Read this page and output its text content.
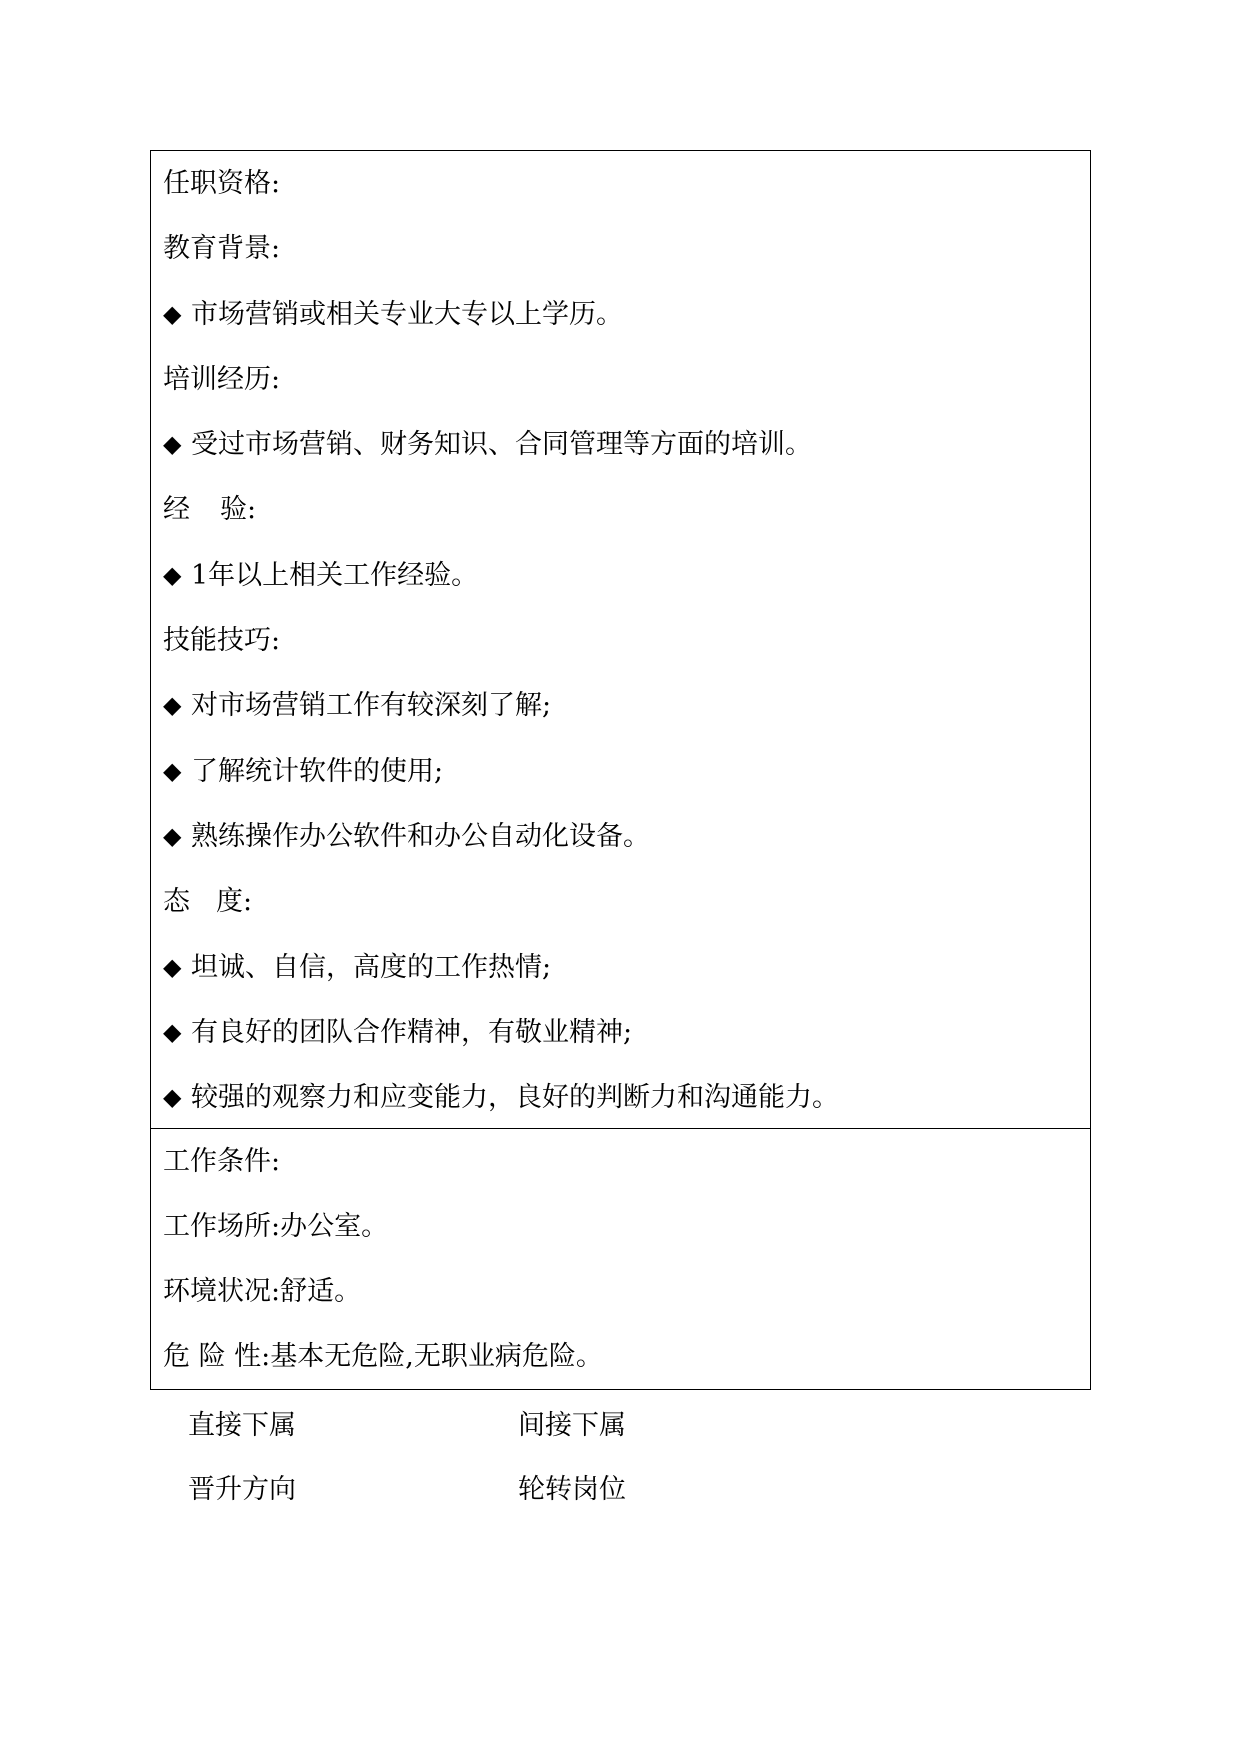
任职资格:
教育背景:
◆ 市场营销或相关专业大专以上学历。
培训经历:
◆ 受过市场营销、财务知识、合同管理等方面的培训。
经 验:
◆ 1年以上相关工作经验。
技能技巧:
◆ 对市场营销工作有较深刻了解;
◆ 了解统计软件的使用;
◆ 熟练操作办公软件和办公自动化设备。
态 度:
◆ 坦诚、自信，高度的工作热情;
◆ 有良好的团队合作精神，有敬业精神;
◆ 较强的观察力和应变能力，良好的判断力和沟通能力。
工作条件:
工作场所:办公室。
环境状况:舒适。
危 险 性:基本无危险,无职业病危险。
直接下属	间接下属
晋升方向	轮转岗位
